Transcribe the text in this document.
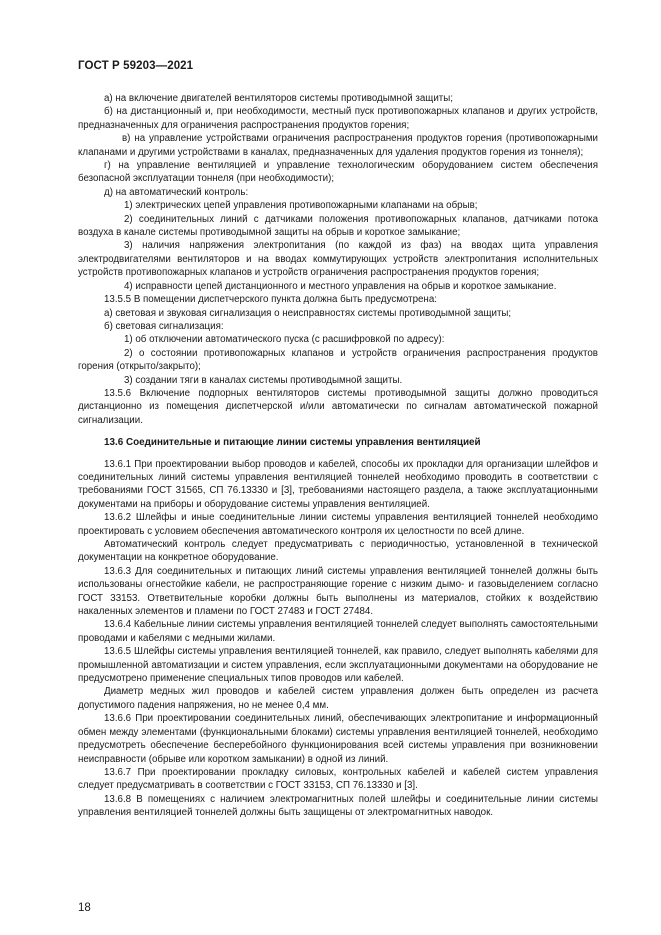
ГОСТ Р 59203—2021

а) на включение двигателей вентиляторов системы противодымной защиты;

б) на дистанционный и, при необходимости, местный пуск противопожарных клапанов и других устройств, предназначенных для ограничения распространения продуктов горения;

в) на управление устройствами ограничения распространения продуктов горения (противопожарными клапанами и другими устройствами в каналах, предназначенных для удаления продуктов горения из тоннеля);

г) на управление вентиляцией и управление технологическим оборудованием систем обеспечения безопасной эксплуатации тоннеля (при необходимости);

д) на автоматический контроль:

1) электрических цепей управления противопожарными клапанами на обрыв;

2) соединительных линий с датчиками положения противопожарных клапанов, датчиками потока воздуха в канале системы противодымной защиты на обрыв и короткое замыкание;

3) наличия напряжения электропитания (по каждой из фаз) на вводах щита управления электродвигателями вентиляторов и на вводах коммутирующих устройств электропитания исполнительных устройств противопожарных клапанов и устройств ограничения распространения продуктов горения;

4) исправности цепей дистанционного и местного управления на обрыв и короткое замыкание.

13.5.5 В помещении диспетчерского пункта должна быть предусмотрена:

а) световая и звуковая сигнализация о неисправностях системы противодымной защиты;

б) световая сигнализация:

1) об отключении автоматического пуска (с расшифровкой по адресу):

2) о состоянии противопожарных клапанов и устройств ограничения распространения продуктов горения (открыто/закрыто);

3) создании тяги в каналах системы противодымной защиты.

13.5.6 Включение подпорных вентиляторов системы противодымной защиты должно проводиться дистанционно из помещения диспетчерской и/или автоматически по сигналам автоматической пожарной сигнализации.

13.6 Соединительные и питающие линии системы управления вентиляцией

13.6.1 При проектировании выбор проводов и кабелей, способы их прокладки для организации шлейфов и соединительных линий системы управления вентиляцией тоннелей необходимо проводить в соответствии с требованиями ГОСТ 31565, СП 76.13330 и [3], требованиями настоящего раздела, а также эксплуатационными документами на приборы и оборудование системы управления вентиляцией.

13.6.2 Шлейфы и иные соединительные линии системы управления вентиляцией тоннелей необходимо проектировать с условием обеспечения автоматического контроля их целостности по всей длине.

Автоматический контроль следует предусматривать с периодичностью, установленной в технической документации на конкретное оборудование.

13.6.3 Для соединительных и питающих линий системы управления вентиляцией тоннелей должны быть использованы огнестойкие кабели, не распространяющие горение с низким дымо- и газовыделением согласно ГОСТ 33153. Ответвительные коробки должны быть выполнены из материалов, стойких к воздействию накаленных элементов и пламени по ГОСТ 27483 и ГОСТ 27484.

13.6.4 Кабельные линии системы управления вентиляцией тоннелей следует выполнять самостоятельными проводами и кабелями с медными жилами.

13.6.5 Шлейфы системы управления вентиляцией тоннелей, как правило, следует выполнять кабелями для промышленной автоматизации и систем управления, если эксплуатационными документами на оборудование не предусмотрено применение специальных типов проводов или кабелей.

Диаметр медных жил проводов и кабелей систем управления должен быть определен из расчета допустимого падения напряжения, но не менее 0,4 мм.

13.6.6 При проектировании соединительных линий, обеспечивающих электропитание и информационный обмен между элементами (функциональными блоками) системы управления вентиляцией тоннелей, необходимо предусмотреть обеспечение бесперебойного функционирования всей системы управления при возникновении неисправности (обрыве или коротком замыкании) в одной из линий.

13.6.7 При проектировании прокладку силовых, контрольных кабелей и кабелей систем управления следует предусматривать в соответствии с ГОСТ 33153, СП 76.13330 и [3].

13.6.8 В помещениях с наличием электромагнитных полей шлейфы и соединительные линии системы управления вентиляцией тоннелей должны быть защищены от электромагнитных наводок.

18
